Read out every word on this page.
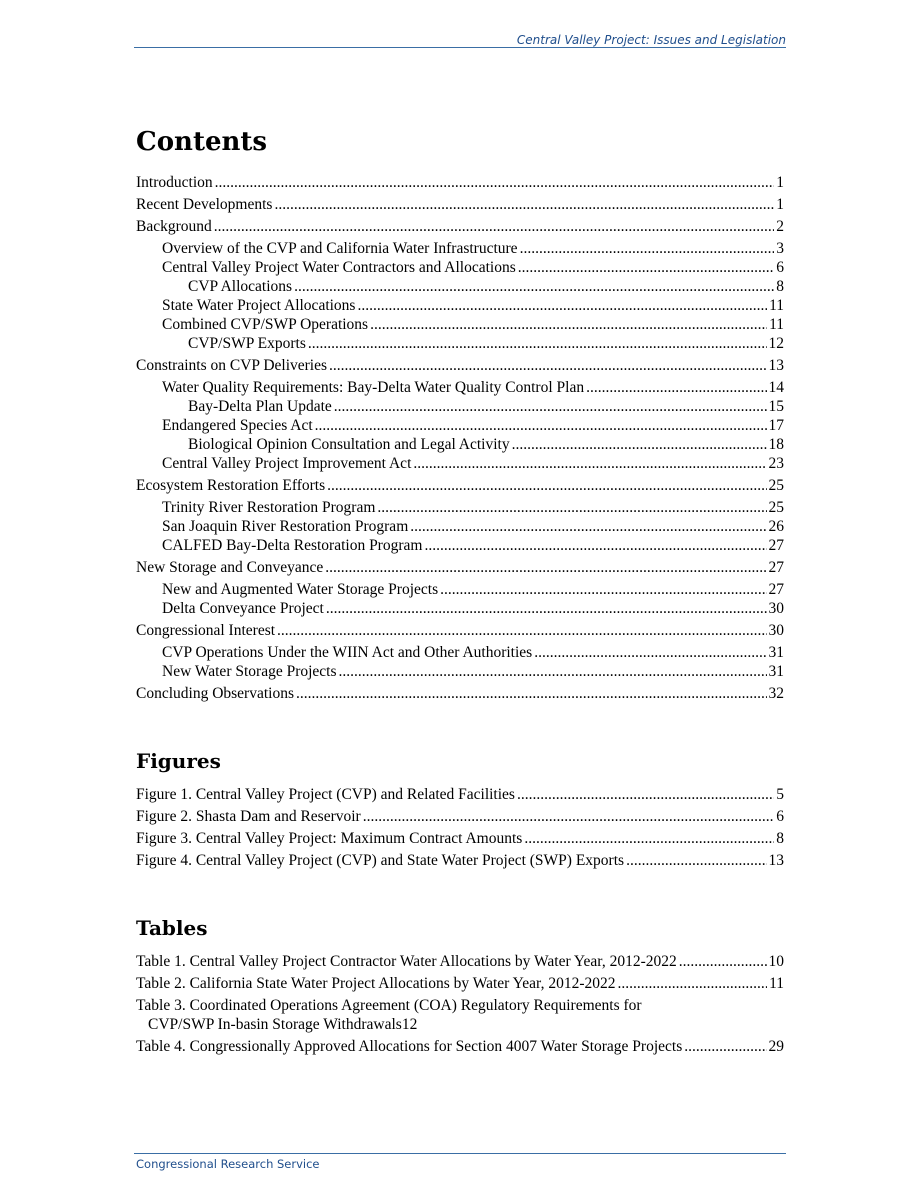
Central Valley Project: Issues and Legislation
Contents
Introduction .....	1
Recent Developments .....	1
Background .....	2
Overview of the CVP and California Water Infrastructure .....	3
Central Valley Project Water Contractors and Allocations .....	6
CVP Allocations .....	8
State Water Project Allocations .....	11
Combined CVP/SWP Operations .....	11
CVP/SWP Exports .....	12
Constraints on CVP Deliveries .....	13
Water Quality Requirements: Bay-Delta Water Quality Control Plan .....	14
Bay-Delta Plan Update .....	15
Endangered Species Act .....	17
Biological Opinion Consultation and Legal Activity .....	18
Central Valley Project Improvement Act .....	23
Ecosystem Restoration Efforts .....	25
Trinity River Restoration Program .....	25
San Joaquin River Restoration Program .....	26
CALFED Bay-Delta Restoration Program .....	27
New Storage and Conveyance .....	27
New and Augmented Water Storage Projects .....	27
Delta Conveyance Project .....	30
Congressional Interest .....	30
CVP Operations Under the WIIN Act and Other Authorities .....	31
New Water Storage Projects .....	31
Concluding Observations .....	32
Figures
Figure 1. Central Valley Project (CVP) and Related Facilities .....	5
Figure 2. Shasta Dam and Reservoir .....	6
Figure 3. Central Valley Project: Maximum Contract Amounts .....	8
Figure 4. Central Valley Project (CVP) and State Water Project (SWP) Exports .....	13
Tables
Table 1. Central Valley Project Contractor Water Allocations by Water Year, 2012-2022 .....	10
Table 2. California State Water Project Allocations by Water Year, 2012-2022 .....	11
Table 3. Coordinated Operations Agreement (COA) Regulatory Requirements for
CVP/SWP In-basin Storage Withdrawals 12
Table 4. Congressionally Approved Allocations for Section 4007 Water Storage Projects .....	29
Congressional Research Service
